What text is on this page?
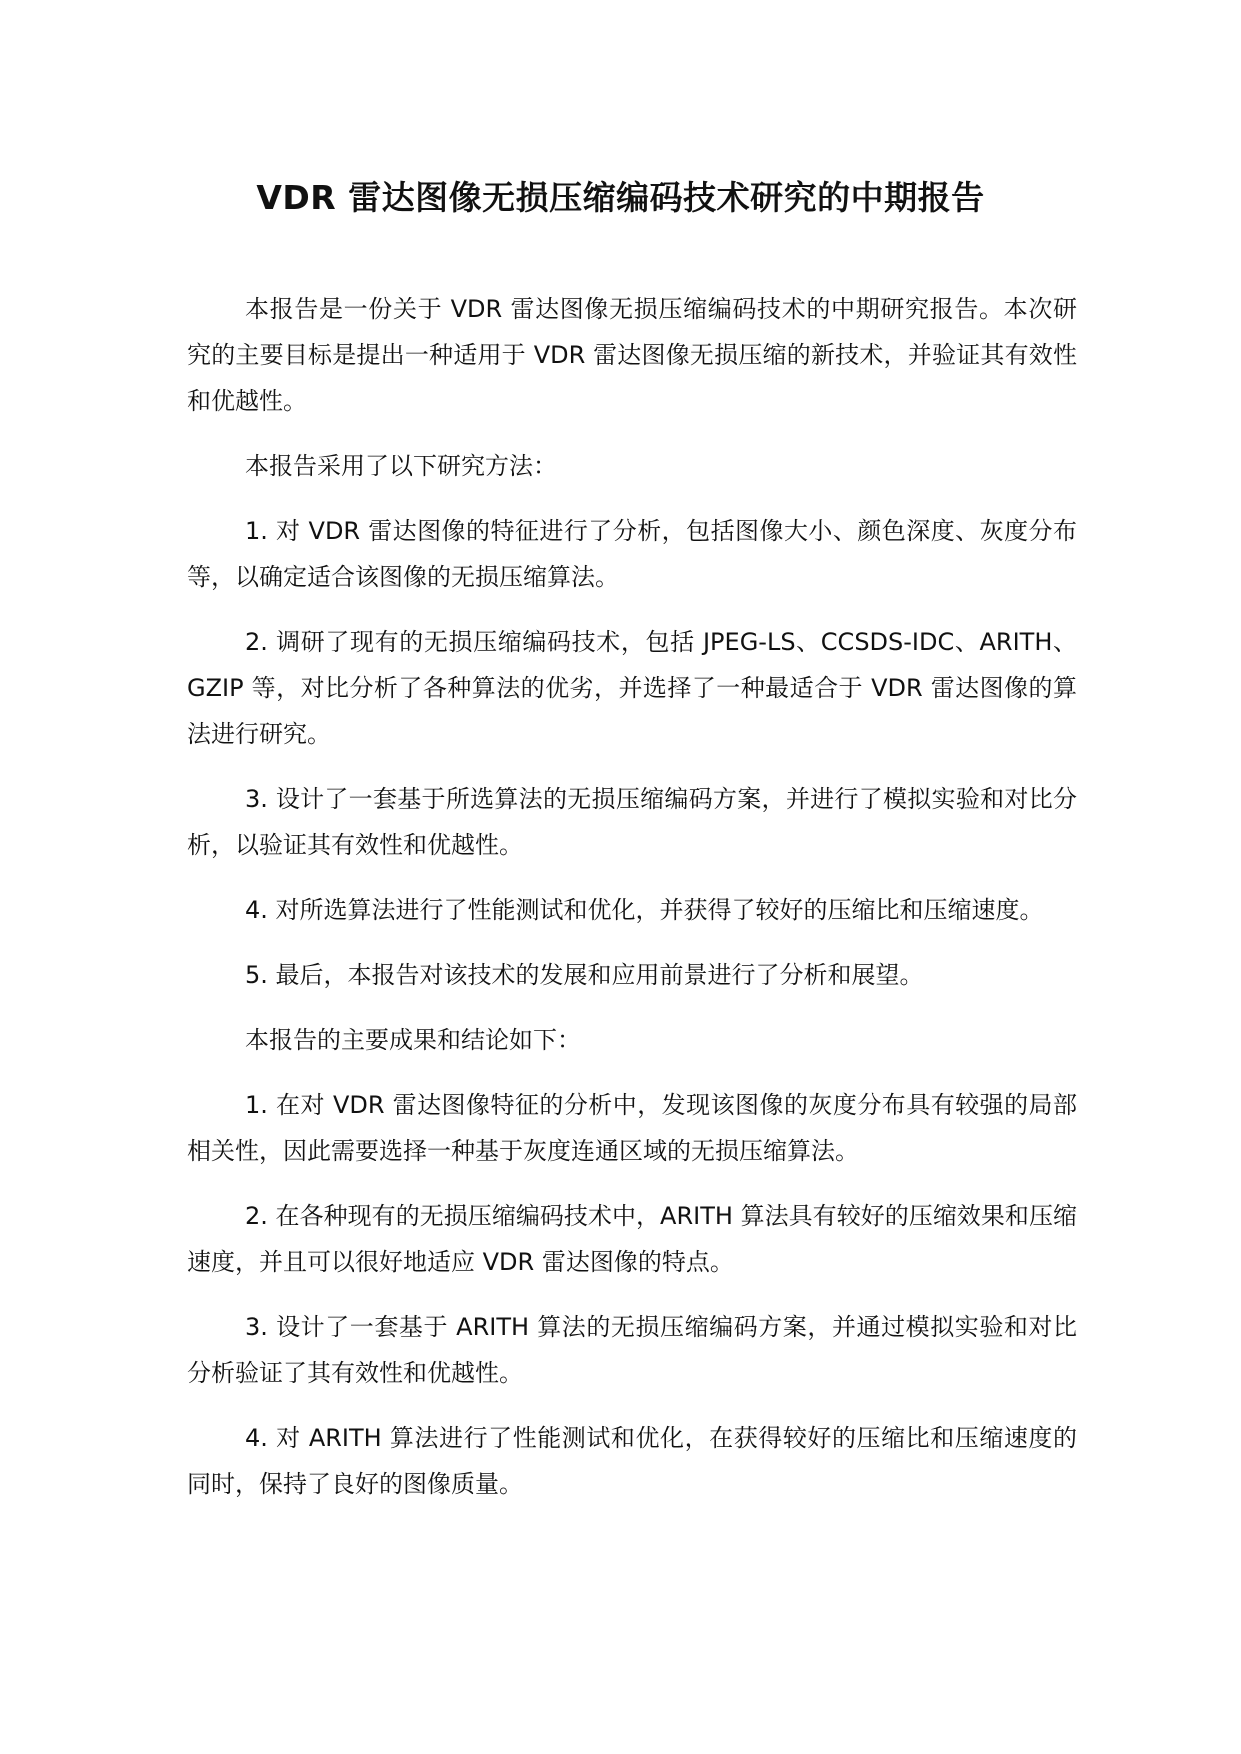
VDR 雷达图像无损压缩编码技术研究的中期报告

本报告是一份关于 VDR 雷达图像无损压缩编码技术的中期研究报告。本次研究的主要目标是提出一种适用于 VDR 雷达图像无损压缩的新技术，并验证其有效性和优越性。

本报告采用了以下研究方法：

1. 对 VDR 雷达图像的特征进行了分析，包括图像大小、颜色深度、灰度分布等，以确定适合该图像的无损压缩算法。

2. 调研了现有的无损压缩编码技术，包括 JPEG-LS、CCSDS-IDC、ARITH、GZIP 等，对比分析了各种算法的优劣，并选择了一种最适合于 VDR 雷达图像的算法进行研究。

3. 设计了一套基于所选算法的无损压缩编码方案，并进行了模拟实验和对比分析，以验证其有效性和优越性。

4. 对所选算法进行了性能测试和优化，并获得了较好的压缩比和压缩速度。

5. 最后，本报告对该技术的发展和应用前景进行了分析和展望。

本报告的主要成果和结论如下：

1. 在对 VDR 雷达图像特征的分析中，发现该图像的灰度分布具有较强的局部相关性，因此需要选择一种基于灰度连通区域的无损压缩算法。

2. 在各种现有的无损压缩编码技术中，ARITH 算法具有较好的压缩效果和压缩速度，并且可以很好地适应 VDR 雷达图像的特点。

3. 设计了一套基于 ARITH 算法的无损压缩编码方案，并通过模拟实验和对比分析验证了其有效性和优越性。

4. 对 ARITH 算法进行了性能测试和优化，在获得较好的压缩比和压缩速度的同时，保持了良好的图像质量。
